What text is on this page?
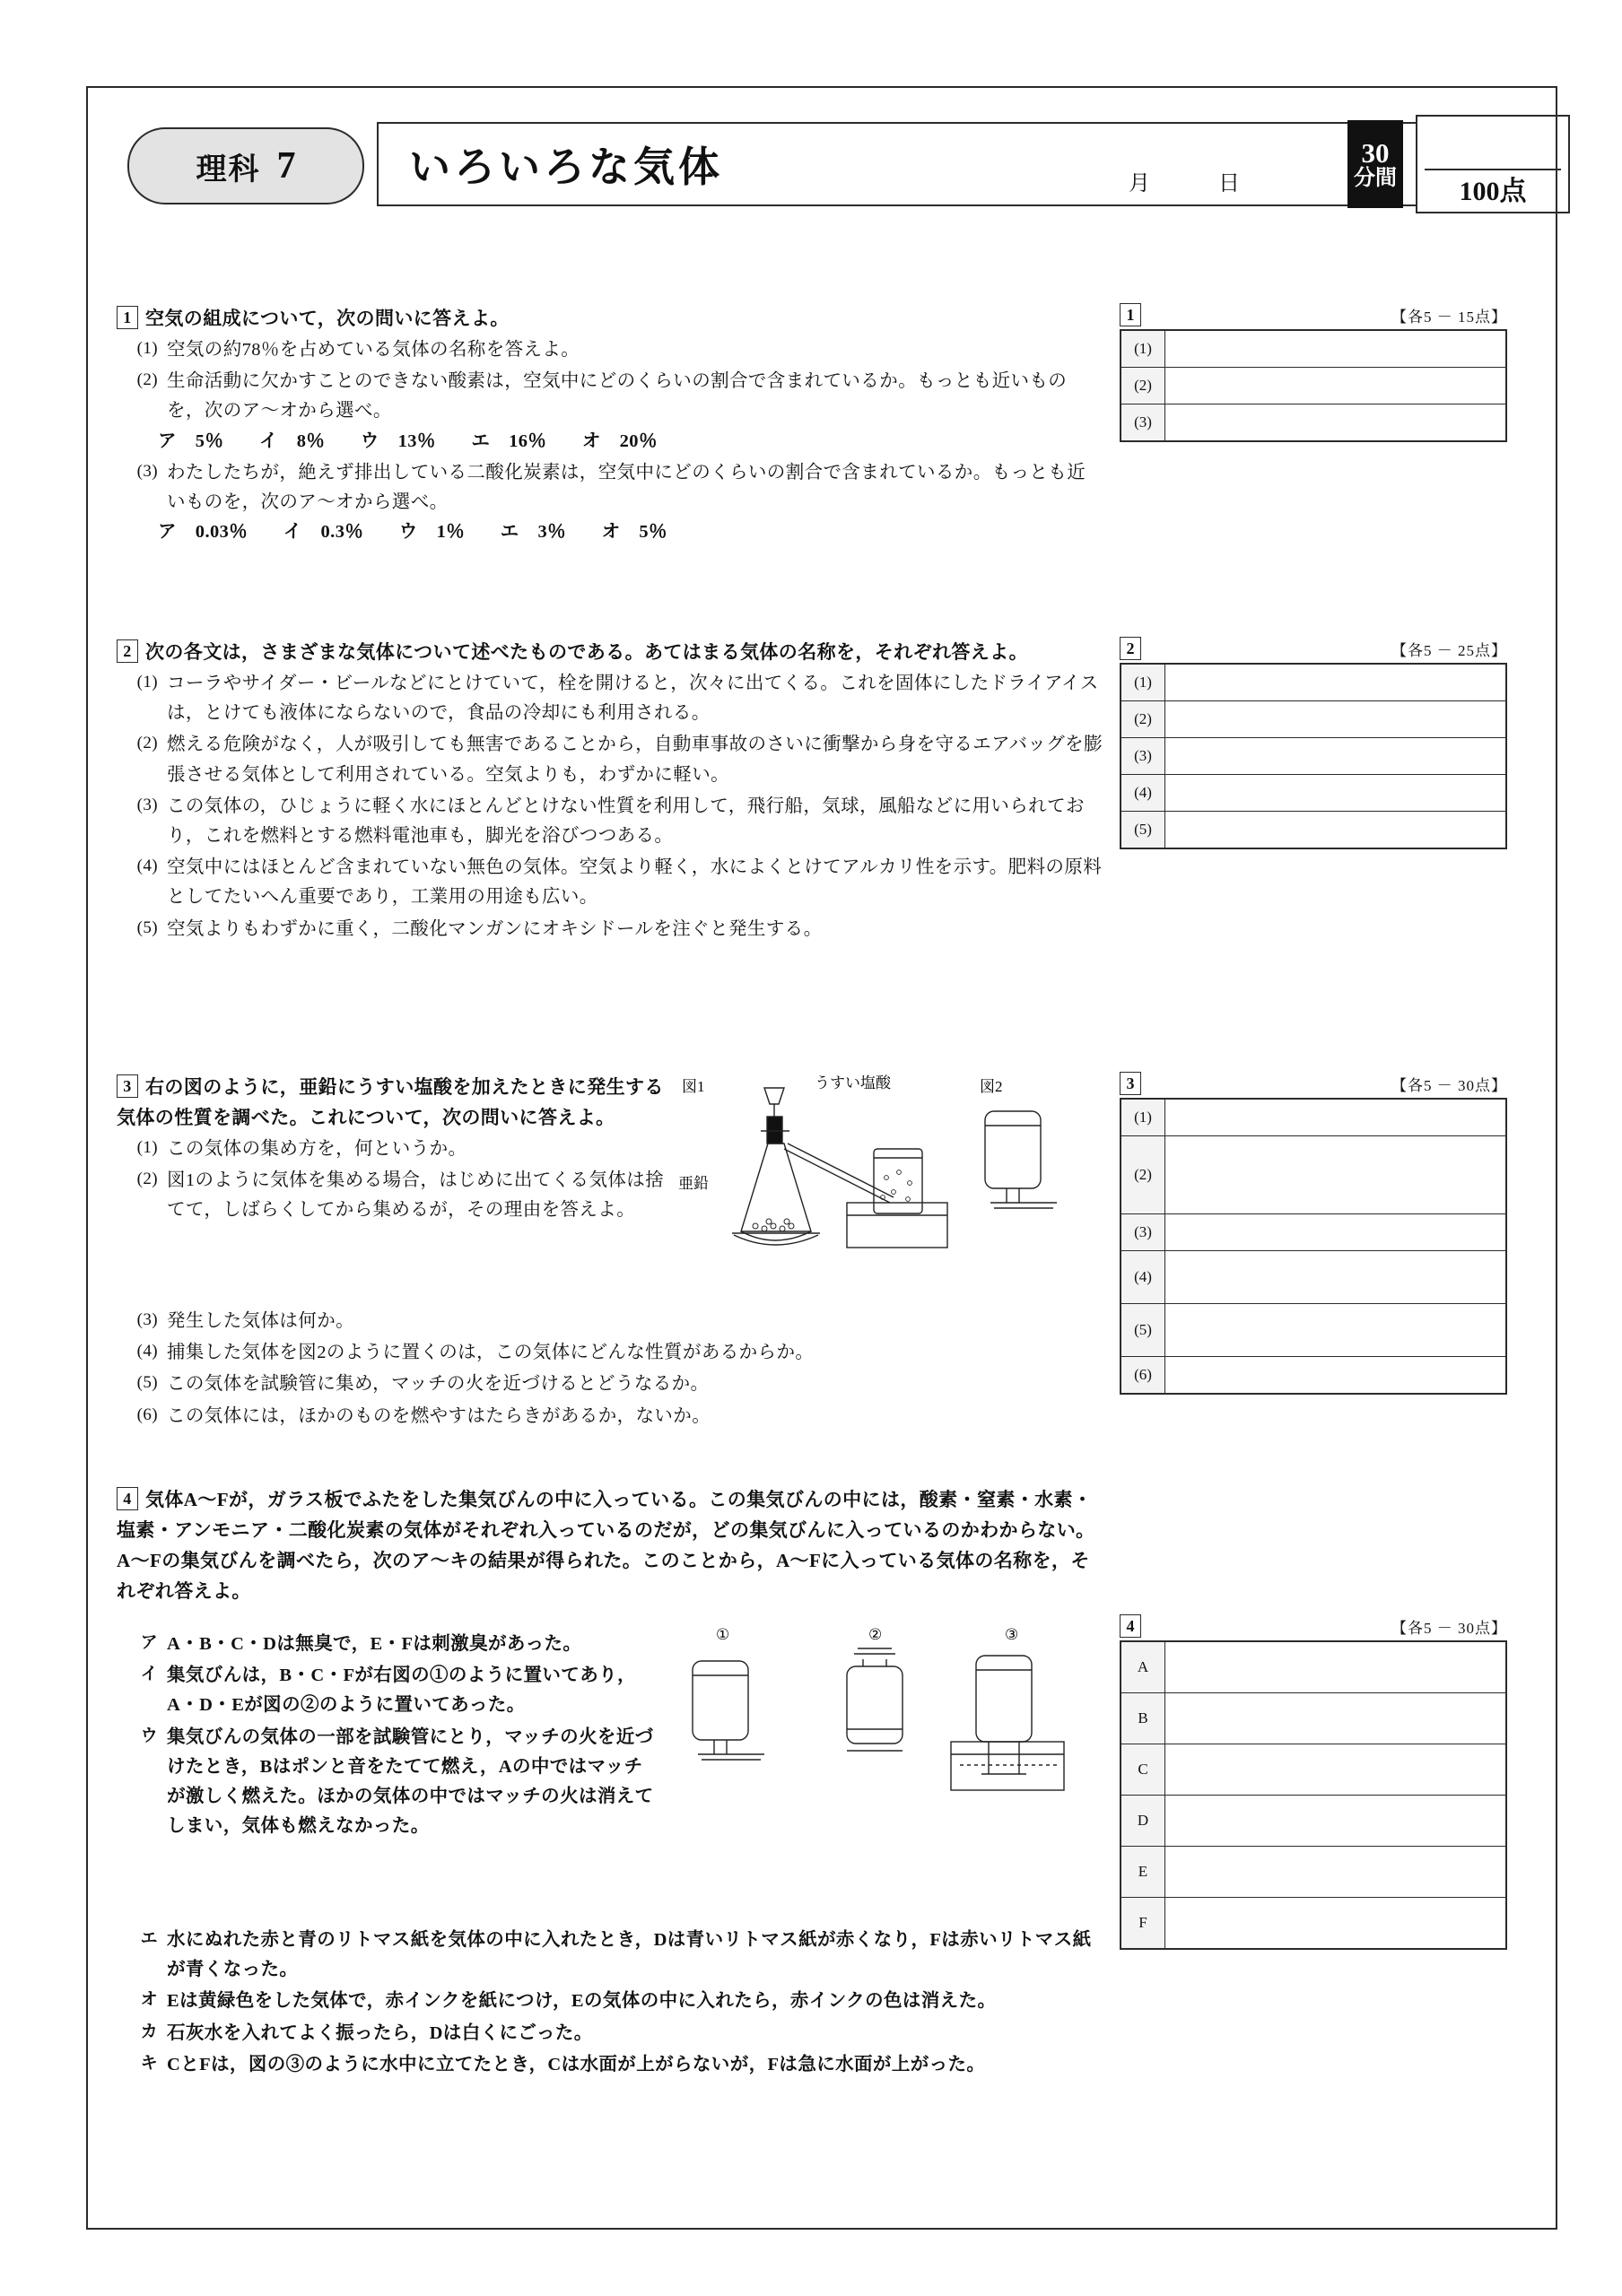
理科 7	いろいろな気体	月　日
30
分間 100点
1 空気の組成について，次の問いに答えよ。
(1) 空気の約78％を占めている気体の名称を答えよ。
(2) 生命活動に欠かすことのできない酸素は，空気中にどのくらいの割合で含まれているか。もっとも近いものを，次のア～オから選べ。
ア　5％ イ　8％ ウ　13％ エ　16％ オ　20％
(3) わたしたちが，絶えず排出している二酸化炭素は，空気中にどのくらいの割合で含まれているか。もっとも近いものを，次のア～オから選べ。
ア　0.03％ イ　0.3％ ウ　1％ エ　3％ オ　5％
1	【各5 － 15点】
(1)	
(2)	
(3)	
2 次の各文は，さまざまな気体について述べたものである。あてはまる気体の名称を，それぞれ答えよ。
(1) コーラやサイダー・ビールなどにとけていて，栓を開けると，次々に出てくる。これを固体にしたドライアイスは，とけても液体にならないので，食品の冷却にも利用される。
(2) 燃える危険がなく，人が吸引しても無害であることから，自動車事故のさいに衝撃から身を守るエアバッグを膨張させる気体として利用されている。空気よりも，わずかに軽い。
(3) この気体の，ひじょうに軽く水にほとんどとけない性質を利用して，飛行船，気球，風船などに用いられており，これを燃料とする燃料電池車も，脚光を浴びつつある。
(4) 空気中にはほとんど含まれていない無色の気体。空気より軽く，水によくとけてアルカリ性を示す。肥料の原料としてたいへん重要であり，工業用の用途も広い。
(5) 空気よりもわずかに重く，二酸化マンガンにオキシドールを注ぐと発生する。
2	【各5 － 25点】
(1)	
(2)	
(3)	
(4)	
(5)	
3 右の図のように，亜鉛にうすい塩酸を加えたときに発生する気体の性質を調べた。これについて，次の問いに答えよ。
(1) この気体の集め方を，何というか。
(2) 図1のように気体を集める場合，はじめに出てくる気体は捨てて，しばらくしてから集めるが，その理由を答えよ。
(3) 発生した気体は何か。
(4) 捕集した気体を図2のように置くのは，この気体にどんな性質があるからか。
(5) この気体を試験管に集め，マッチの火を近づけるとどうなるか。
(6) この気体には，ほかのものを燃やすはたらきがあるか，ないか。
図1	うすい塩酸	図2
亜鉛
3	【各5 － 30点】
(1)	
(2)	
(3)	
(4)	
(5)	
(6)	
4 気体A～Fが，ガラス板でふたをした集気びんの中に入っている。この集気びんの中には，酸素・窒素・水素・塩素・アンモニア・二酸化炭素の気体がそれぞれ入っているのだが，どの集気びんに入っているのかわからない。A～Fの集気びんを調べたら，次のア～キの結果が得られた。このことから，A～Fに入っている気体の名称を，それぞれ答えよ。
ア A・B・C・Dは無臭で，E・Fは刺激臭があった。
イ 集気びんは，B・C・Fが右図の①のように置いてあり，A・D・Eが図の②のように置いてあった。
ウ 集気びんの気体の一部を試験管にとり，マッチの火を近づけたとき，Bはポンと音をたてて燃え，Aの中ではマッチが激しく燃えた。ほかの気体の中ではマッチの火は消えてしまい，気体も燃えなかった。
エ 水にぬれた赤と青のリトマス紙を気体の中に入れたとき，Dは青いリトマス紙が赤くなり，Fは赤いリトマス紙が青くなった。
オ Eは黄緑色をした気体で，赤インクを紙につけ，Eの気体の中に入れたら，赤インクの色は消えた。
カ 石灰水を入れてよく振ったら，Dは白くにごった。
キ CとFは，図の③のように水中に立てたとき，Cは水面が上がらないが，Fは急に水面が上がった。
①	②	③	4	【各5 － 30点】
A	
B	
C	
D	
E	
F	
